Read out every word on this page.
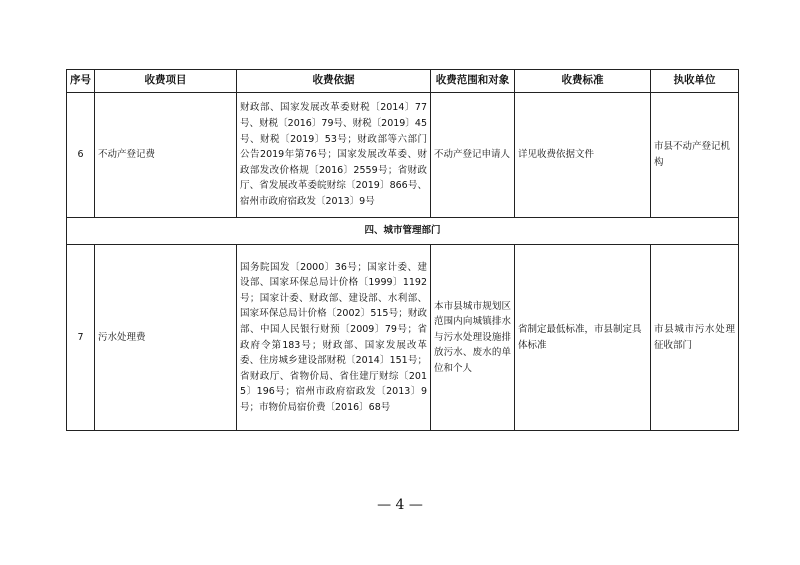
序号	收费项目	收费依据	收费范围和对象	收费标准	执收单位
6	不动产登记费	财政部、国家发展改革委财税〔2014〕77号、财税〔2016〕79号、财税〔2019〕45号、财税〔2019〕53号；财政部等六部门公告2019年第76号；国家发展改革委、财政部发改价格规〔2016〕2559号；省财政厅、省发展改革委皖财综〔2019〕866号、宿州市政府宿政发〔2013〕9号	不动产登记申请人	详见收费依据文件	市县不动产登记机构
四、城市管理部门					
7	污水处理费	国务院国发〔2000〕36号；国家计委、建设部、国家环保总局计价格〔1999〕1192号；国家计委、财政部、建设部、水利部、国家环保总局计价格〔2002〕515号；财政部、中国人民银行财预〔2009〕79号；省政府令第183号；财政部、国家发展改革委、住房城乡建设部财税〔2014〕151号；省财政厅、省物价局、省住建厅财综〔2015〕196号；宿州市政府宿政发〔2013〕9号；市物价局宿价费〔2016〕68号	本市县城市规划区范围内向城镇排水与污水处理设施排放污水、废水的单位和个人	省制定最低标准，市县制定具体标准	市县城市污水处理征收部门
— 4 —
